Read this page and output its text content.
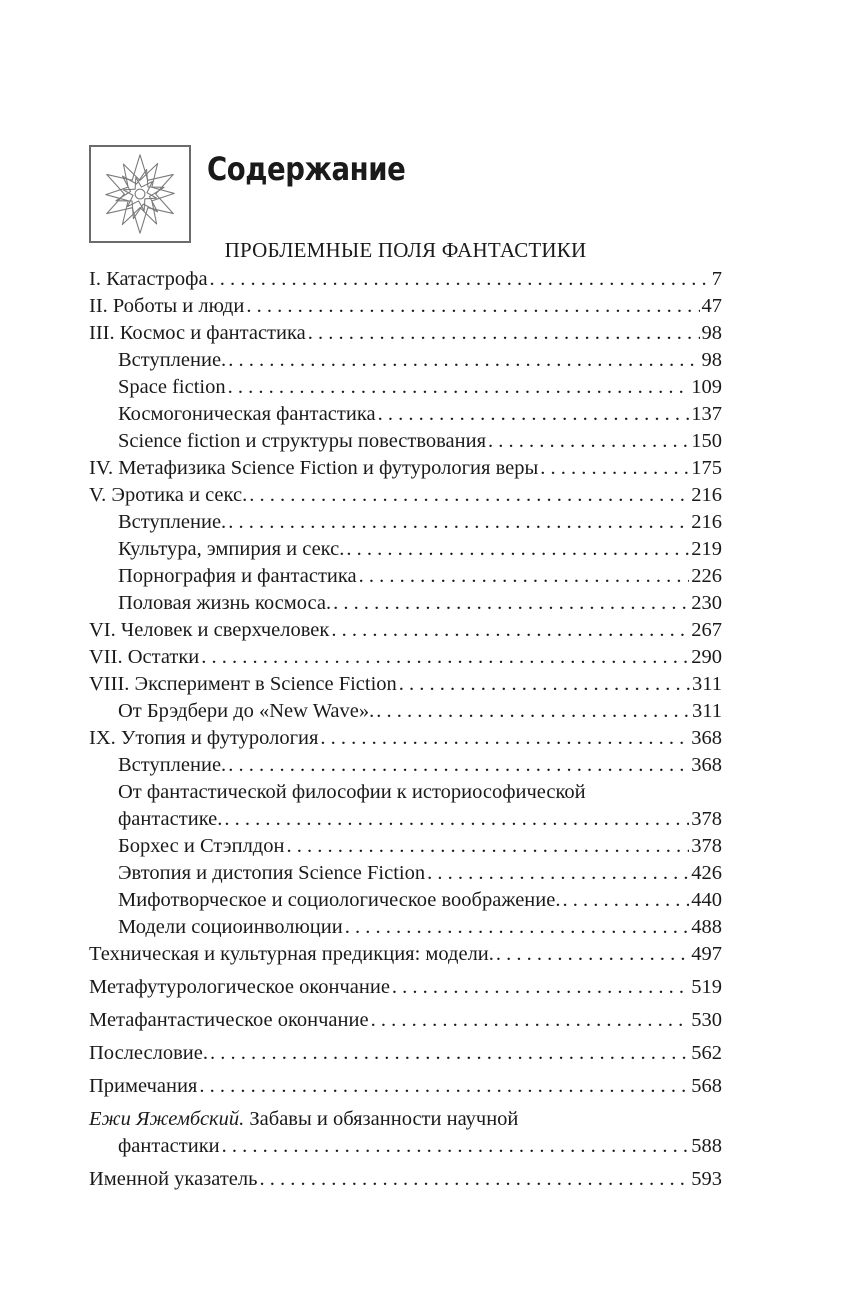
Содержание
ПРОБЛЕМНЫЕ ПОЛЯ ФАНТАСТИКИ
I. Катастрофа . . .	7
II. Роботы и люди . . .	47
III. Космос и фантастика . . .	98
Вступление. . . .	98
Space fiction . . .	109
Космогоническая фантастика . . .	137
Science fiction и структуры повествования . . .	150
IV. Метафизика Science Fiction и футурология веры . . .	175
V. Эротика и секс. . . .	216
Вступление. . . .	216
Культура, эмпирия и секс. . . .	219
Порнография и фантастика . . .	226
Половая жизнь космоса. . . .	230
VI. Человек и сверхчеловек . . .	267
VII. Остатки . . .	290
VIII. Эксперимент в Science Fiction . . .	311
От Брэдбери до «New Wave». . . .	311
IX. Утопия и футурология . . .	368
Вступление. . . .	368
От фантастической философии к историософической
фантастике. . . .	378
Борхес и Стэплдон . . .	378
Эвтопия и дистопия Science Fiction . . .	426
Мифотворческое и социологическое воображение. . . .	440
Модели социоинволюции . . .	488
Техническая и культурная предикция: модели. . . .	497
Метафутурологическое окончание . . .	519
Метафантастическое окончание . . .	530
Послесловие. . . .	562
Примечания . . .	568
Ежи Яжембский. Забавы и обязанности научной
фантастики . . .	588
Именной указатель . . .	593
